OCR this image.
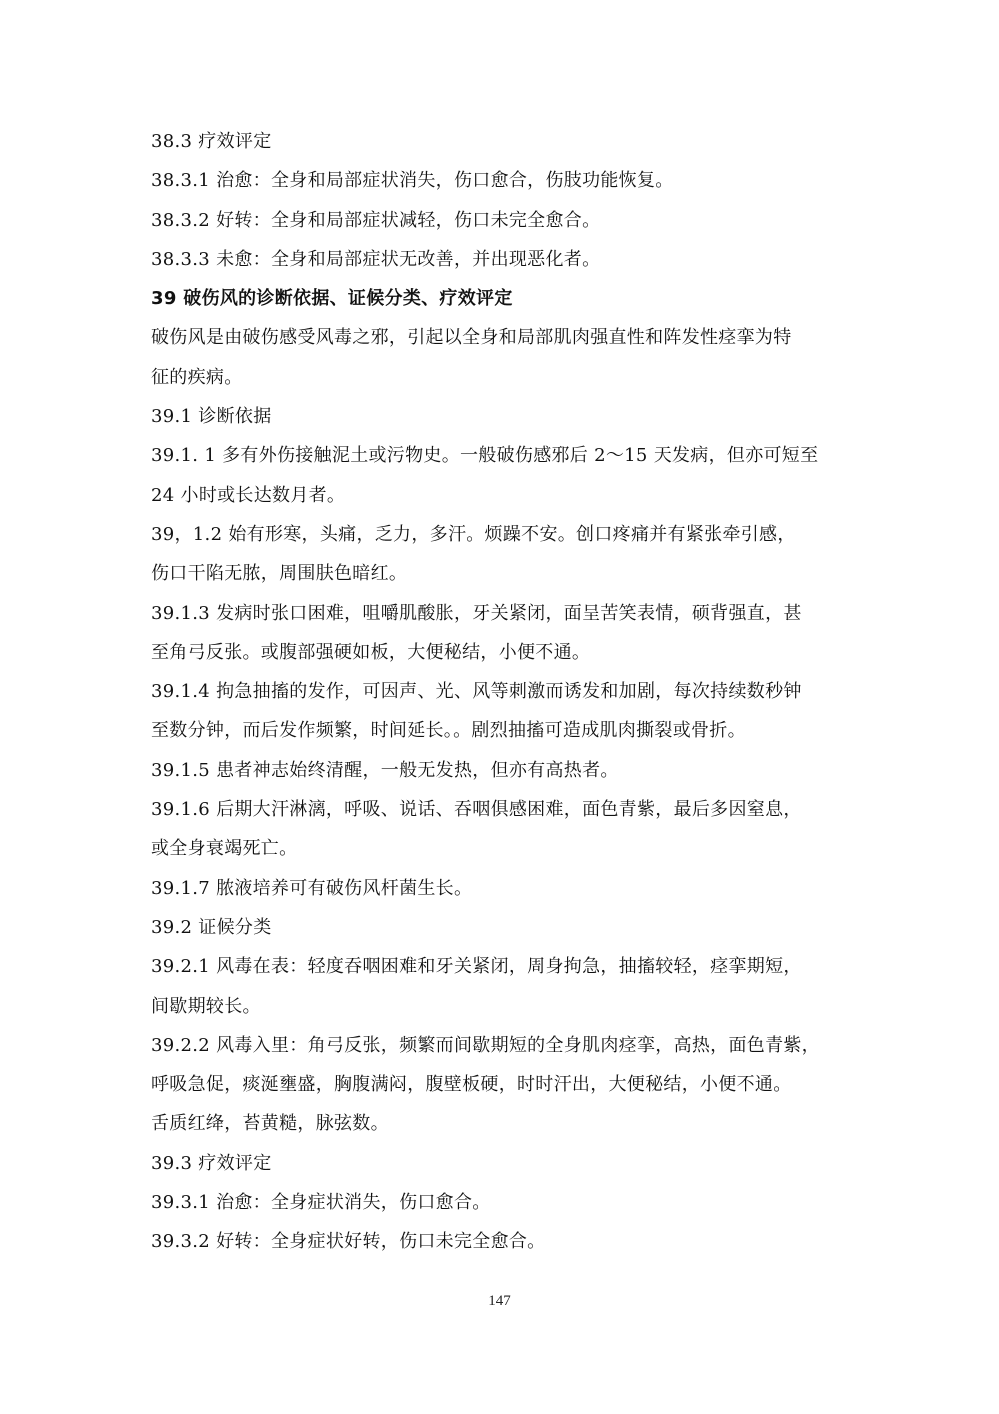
38.3 疗效评定
38.3.1 治愈：全身和局部症状消失，伤口愈合，伤肢功能恢复。
38.3.2 好转：全身和局部症状减轻，伤口未完全愈合。
38.3.3 未愈：全身和局部症状无改善，并出现恶化者。
39 破伤风的诊断依据、证候分类、疗效评定
破伤风是由破伤感受风毒之邪，引起以全身和局部肌肉强直性和阵发性痉挛为特
征的疾病。
39.1 诊断依据
39.1. 1 多有外伤接触泥土或污物史。一般破伤感邪后 2～15 天发病，但亦可短至
24 小时或长达数月者。
39，1.2 始有形寒，头痛，乏力，多汗。烦躁不安。创口疼痛并有紧张牵引感，
伤口干陷无脓，周围肤色暗红。
39.1.3 发病时张口困难，咀嚼肌酸胀，牙关紧闭，面呈苦笑表情，硕背强直，甚
至角弓反张。或腹部强硬如板，大便秘结，小便不通。
39.1.4 拘急抽搐的发作，可因声、光、风等刺激而诱发和加剧，每次持续数秒钟
至数分钟，而后发作频繁，时间延长。。剧烈抽搐可造成肌肉撕裂或骨折。
39.1.5 患者神志始终清醒，一般无发热，但亦有高热者。
39.1.6 后期大汗淋漓，呼吸、说话、吞咽俱感困难，面色青紫，最后多因窒息，
或全身衰竭死亡。
39.1.7 脓液培养可有破伤风杆菌生长。
39.2 证候分类
39.2.1 风毒在表：轻度吞咽困难和牙关紧闭，周身拘急，抽搐较轻，痉挛期短，
间歇期较长。
39.2.2 风毒入里：角弓反张，频繁而间歇期短的全身肌肉痉挛，高热，面色青紫，
呼吸急促，痰涎壅盛，胸腹满闷，腹壁板硬，时时汗出，大便秘结，小便不通。
舌质红绛，苔黄糙，脉弦数。
39.3 疗效评定
39.3.1 治愈：全身症状消失，伤口愈合。
39.3.2 好转：全身症状好转，伤口未完全愈合。
147
